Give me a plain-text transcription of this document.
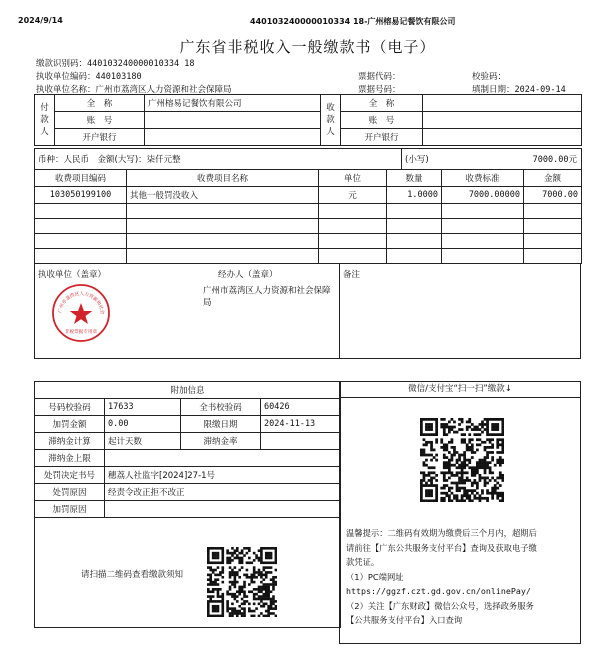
2024/9/14	440103240000010334 18-广州榕易记餐饮有限公司
广东省非税收入一般缴款书（电子）
缴款识别码：440103240000010334 18
执收单位编码：440103180
执收单位名称：广州市荔湾区人力资源和社会保障局
票据代码：	校验码：
票据号码：	填制日期：2024-09-14
付款人	全　称	广州榕易记餐饮有限公司	收款人	全　称	
	账　号			账　号	
	开户银行			开户银行	
币种：人民币　金额(大写)：柒仟元整	(小写)	7000.00元
收费项目编码	收费项目名称	单位	数量	收费标准	金额
103050199100	其他一般罚没收入	元	1.0000	7000.00000	7000.00

执收单位（盖章）	经办人（盖章）
广州市荔湾区人力资源和社会保障局
备注
广州市荔湾区人力资源和社会
非税票据专用章
附加信息			
号码校验码	17633	全书校验码	60426
加罚金额	0.00	限缴日期	2024-11-13
滞纳金计算	起计天数	滞纳金率	
滞纳金上限			
处罚决定书号	穗荔人社监字[2024]27-1号		
处罚原因	经责令改正拒不改正		
加罚原因			

请扫描二维码查看缴款须知			
微信/支付宝“扫一扫”缴款↓
温馨提示：二维码有效期为缴费后三个月内，超期后
请前往【广东公共服务支付平台】查询及获取电子缴
款凭证。
（1）PC端网址
https://ggzf.czt.gd.gov.cn/onlinePay/
（2）关注【广东财政】微信公众号，选择政务服务
【公共服务支付平台】入口查询
